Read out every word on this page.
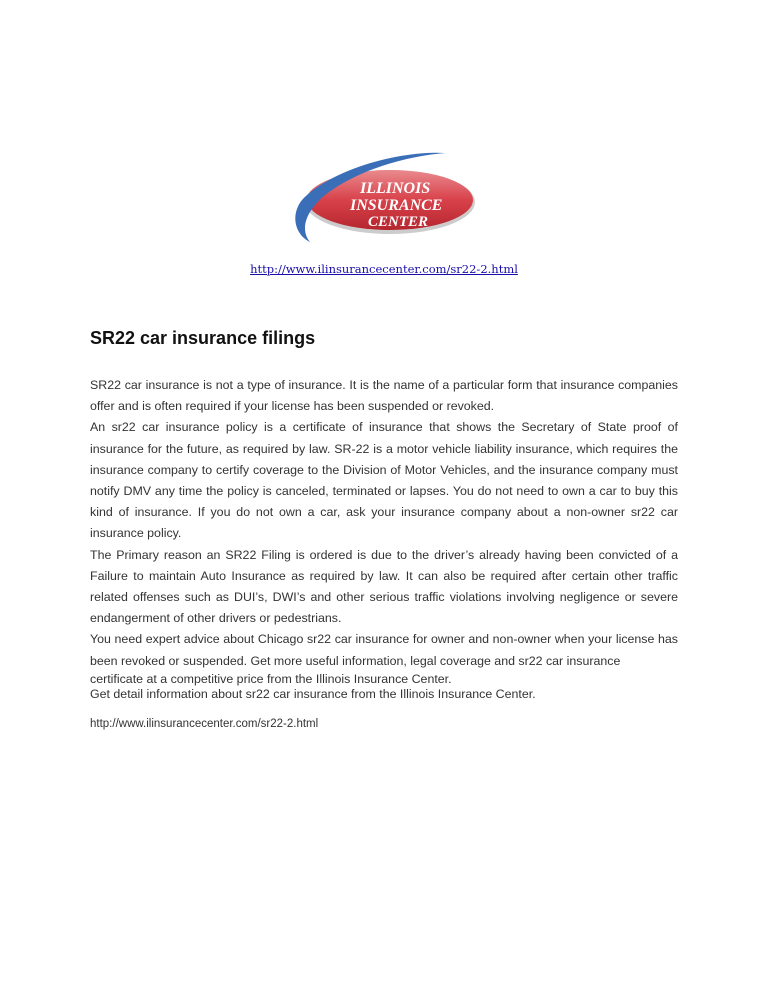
ILLINOIS
INSURANCE
CENTER
http://www.ilinsurancecenter.com/sr22-2.html
SR22 car insurance filings

SR22 car insurance is not a type of insurance. It is the name of a particular form that insurance companies offer and is often required if your license has been suspended or revoked.

An sr22 car insurance policy is a certificate of insurance that shows the Secretary of State proof of insurance for the future, as required by law. SR-22 is a motor vehicle liability insurance, which requires the insurance company to certify coverage to the Division of Motor Vehicles, and the insurance company must notify DMV any time the policy is canceled, terminated or lapses. You do not need to own a car to buy this kind of insurance. If you do not own a car, ask your insurance company about a non-owner sr22 car insurance policy.

The Primary reason an SR22 Filing is ordered is due to the driver’s already having been convicted of a Failure to maintain Auto Insurance as required by law. It can also be required after certain other traffic related offenses such as DUI’s, DWI’s and other serious traffic violations involving negligence or severe endangerment of other drivers or pedestrians.

You need expert advice about Chicago sr22 car insurance for owner and non-owner when your license has been revoked or suspended. Get more useful information, legal coverage and sr22 car insurance

certificate at a competitive price from the Illinois Insurance Center.

Get detail information about sr22 car insurance from the Illinois Insurance Center.

http://www.ilinsurancecenter.com/sr22-2.html
